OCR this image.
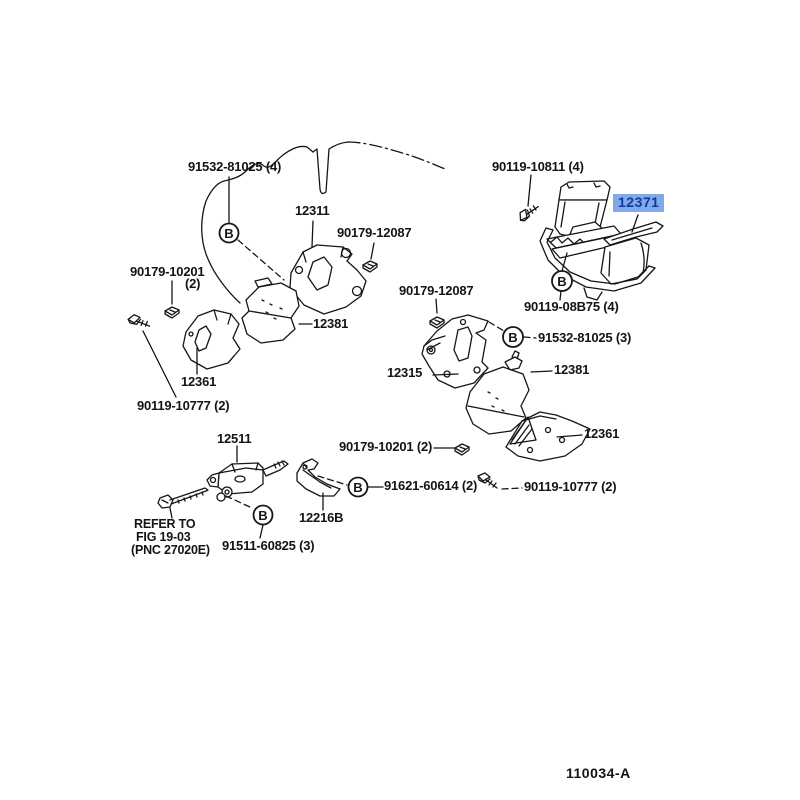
B
B
B
B
B
91532-81025 (4)
12311
90179-12087
90119-10811 (4)
12371
90179-10201
(2)
12381
90179-12087
90119-08B75 (4)
91532-81025 (3)
12361
90119-10777 (2)
12315	12381
12511
90179-10201 (2)
12361
REFER TO
FIG 19-03
(PNC 27020E) 91511-60825 (3)
12216B
91621-60614 (2)	90119-10777 (2)
110034-A
